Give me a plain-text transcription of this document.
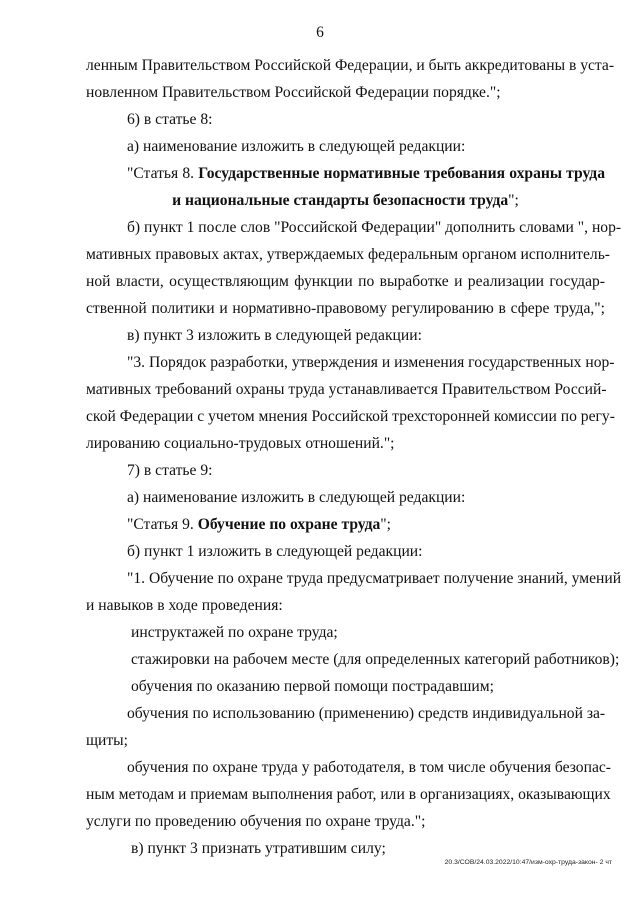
6
ленным Правительством Российской Федерации, и быть аккредитованы в уста-
новленном Правительством Российской Федерации порядке.";
6) в статье 8:
а) наименование изложить в следующей редакции:
"Статья 8. Государственные нормативные требования охраны труда
и национальные стандарты безопасности труда";
б) пункт 1 после слов "Российской Федерации" дополнить словами ", нор-
мативных правовых актах, утверждаемых федеральным органом исполнитель-
ной власти, осуществляющим функции по выработке и реализации государ-
ственной политики и нормативно-правовому регулированию в сфере труда,";
в) пункт 3 изложить в следующей редакции:
"3. Порядок разработки, утверждения и изменения государственных нор-
мативных требований охраны труда устанавливается Правительством Россий-
ской Федерации с учетом мнения Российской трехсторонней комиссии по регу-
лированию социально-трудовых отношений.";
7) в статье 9:
а) наименование изложить в следующей редакции:
"Статья 9. Обучение по охране труда";
б) пункт 1 изложить в следующей редакции:
"1. Обучение по охране труда предусматривает получение знаний, умений
и навыков в ходе проведения:
инструктажей по охране труда;
стажировки на рабочем месте (для определенных категорий работников);
обучения по оказанию первой помощи пострадавшим;
обучения по использованию (применению) средств индивидуальной за-
щиты;
обучения по охране труда у работодателя, в том числе обучения безопас-
ным методам и приемам выполнения работ, или в организациях, оказывающих
услуги по проведению обучения по охране труда.";
в) пункт 3 признать утратившим силу;
20.3/СОВ/24.03.2022/10:47/изм-охр-труда-закон- 2 чт
